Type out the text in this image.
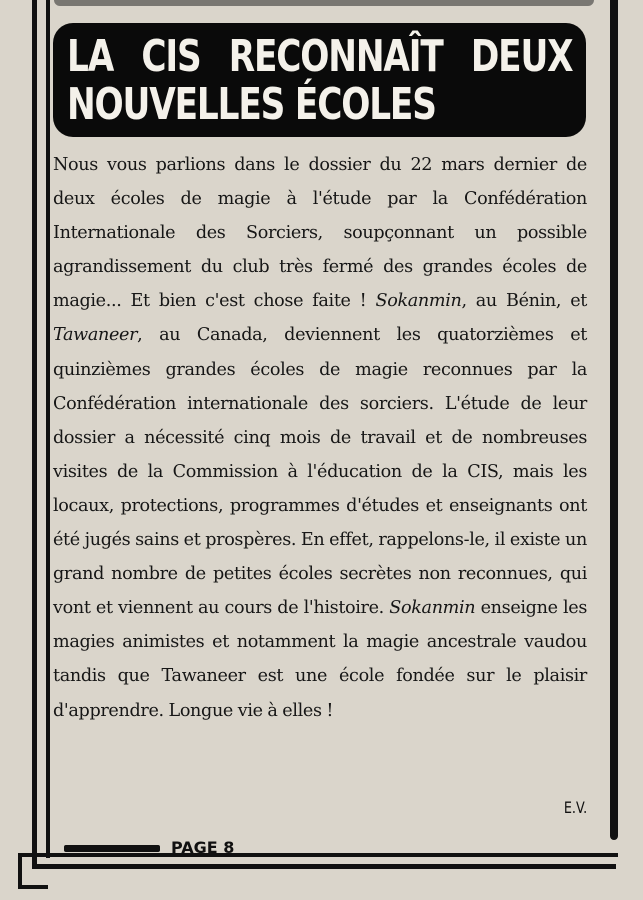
LA CIS RECONNAÎT DEUX NOUVELLES ÉCOLES

Nous vous parlions dans le dossier du 22 mars dernier de deux écoles de magie à l'étude par la Confédération Internationale des Sorciers, soupçonnant un possible agrandissement du club très fermé des grandes écoles de magie... Et bien c'est chose faite ! Sokanmin, au Bénin, et Tawaneer, au Canada, deviennent les quatorzièmes et quinzièmes grandes écoles de magie reconnues par la Confédération internationale des sorciers. L'étude de leur dossier a nécessité cinq mois de travail et de nombreuses visites de la Commission à l'éducation de la CIS, mais les locaux, protections, programmes d'études et enseignants ont été jugés sains et prospères. En effet, rappelons-le, il existe un grand nombre de petites écoles secrètes non reconnues, qui vont et viennent au cours de l'histoire. Sokanmin enseigne les magies animistes et notamment la magie ancestrale vaudou tandis que Tawaneer est une école fondée sur le plaisir d'apprendre. Longue vie à elles !

E.V.
PAGE 8
